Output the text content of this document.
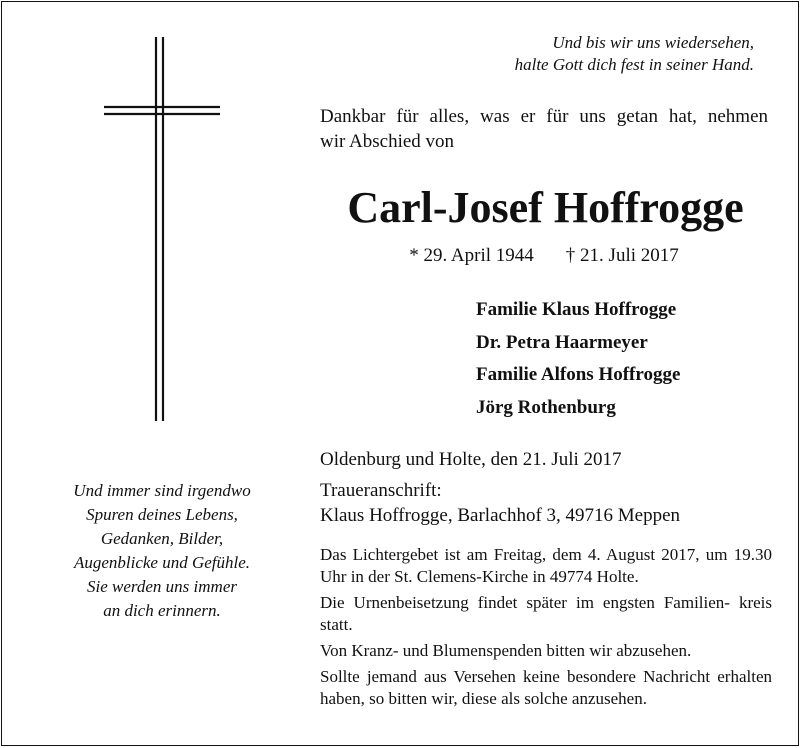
Und bis wir uns wiedersehen,
halte Gott dich fest in seiner Hand.
Dankbar für alles, was er für uns getan hat, nehmen
wir Abschied von
Carl-Josef Hoffrogge
* 29. April 1944 † 21. Juli 2017
Familie Klaus Hoffrogge
Dr. Petra Haarmeyer
Familie Alfons Hoffrogge
Jörg Rothenburg
Oldenburg und Holte, den 21. Juli 2017
Traueranschrift:
Klaus Hoffrogge, Barlachhof 3, 49716 Meppen
Und immer sind irgendwo
Spuren deines Lebens,
Gedanken, Bilder,
Augenblicke und Gefühle.
Sie werden uns immer
an dich erinnern.

Das Lichtergebet ist am Freitag, dem 4. August 2017, um 19.30 Uhr in der St. Clemens-Kirche in 49774 Holte.

Die Urnenbeisetzung findet später im engsten Familien- kreis statt.

Von Kranz- und Blumenspenden bitten wir abzusehen.

Sollte jemand aus Versehen keine besondere Nachricht erhalten haben, so bitten wir, diese als solche anzusehen.
